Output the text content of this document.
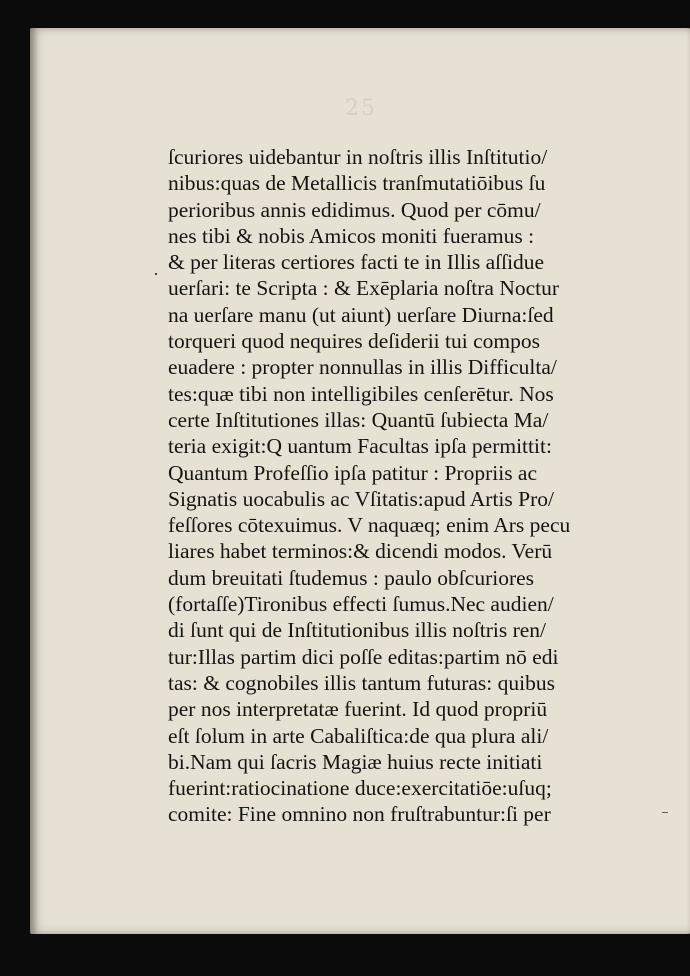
25
·
ſcuriores uidebantur in noſtris illis Inſtitutio/
nibus:quas de Metallicis tranſmutatiōibus ſu
perioribus annis edidimus. Quod per cōmu/
nes tibi & nobis Amicos moniti fueramus :
& per literas certiores facti te in Illis aſſidue
uerſari: te Scripta : & Exēplaria noſtra Noctur
na uerſare manu (ut aiunt) uerſare Diurna:ſed
torqueri quod nequires deſiderii tui compos
euadere : propter nonnullas in illis Difficulta/
tes:quæ tibi non intelligibiles cenſerētur. Nos
certe Inſtitutiones illas: Quantū ſubiecta Ma/
teria exigit:Q uantum Facultas ipſa permittit:
Quantum Profeſſio ipſa patitur : Propriis ac
Signatis uocabulis ac Vſitatis:apud Artis Pro/
feſſores cōtexuimus. V naquæq; enim Ars pecu
liares habet terminos:& dicendi modos. Verū
dum breuitati ſtudemus : paulo obſcuriores
(fortaſſe)Tironibus effecti ſumus.Nec audien/
di ſunt qui de Inſtitutionibus illis noſtris ren/
tur:Illas partim dici poſſe editas:partim nō edi
tas: & cognobiles illis tantum futuras: quibus
per nos interpretatæ fuerint. Id quod propriū
eſt ſolum in arte Cabaliſtica:de qua plura ali/
bi.Nam qui ſacris Magiæ huius recte initiati
fuerint:ratiocinatione duce:exercitatiōe:uſuq;
comite: Fine omnino non fruſtrabuntur:ſi per
